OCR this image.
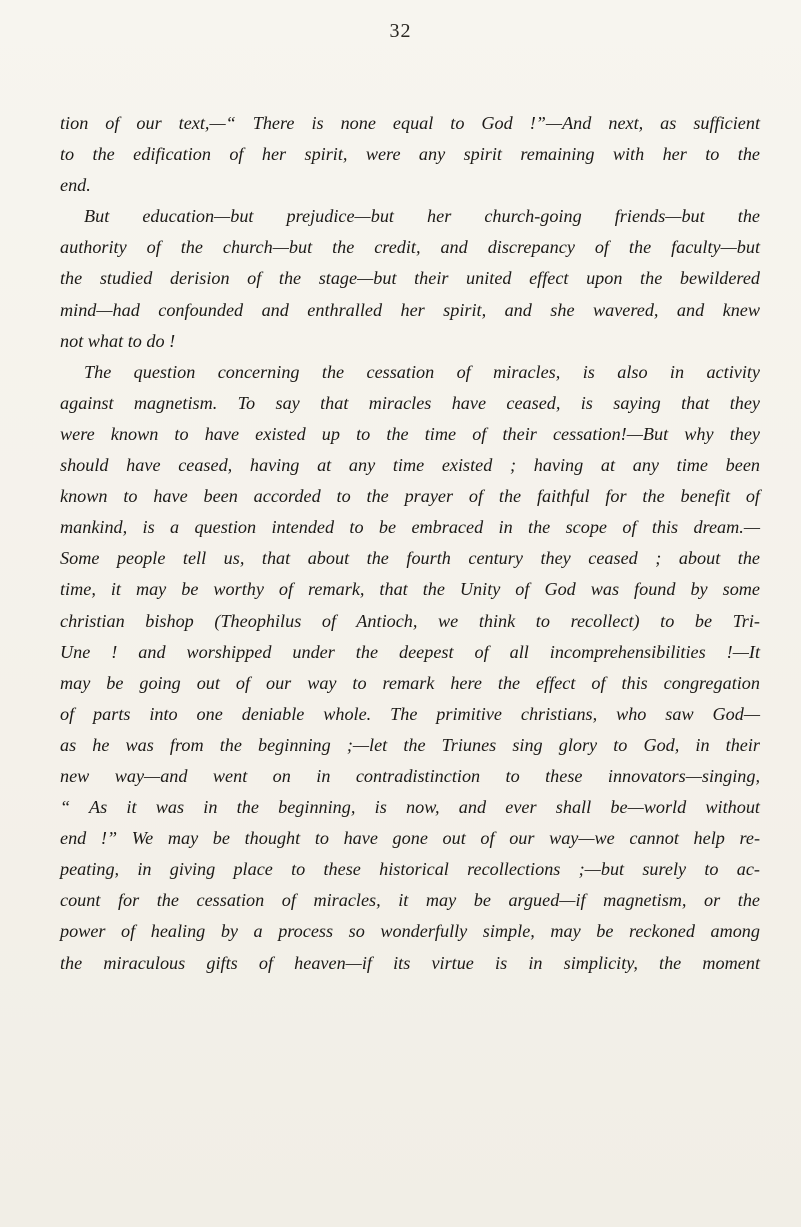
32

tion of our text,—“ There is none equal to God !”—And next, as sufficient
to the edification of her spirit, were any spirit remaining with her to the
end.

But education—but prejudice—but her church-going friends—but the
authority of the church—but the credit, and discrepancy of the faculty—but
the studied derision of the stage—but their united effect upon the bewildered
mind—had confounded and enthralled her spirit, and she wavered, and knew
not what to do !

The question concerning the cessation of miracles, is also in activity
against magnetism. To say that miracles have ceased, is saying that they
were known to have existed up to the time of their cessation!—But why they
should have ceased, having at any time existed ; having at any time been
known to have been accorded to the prayer of the faithful for the benefit of
mankind, is a question intended to be embraced in the scope of this dream.—
Some people tell us, that about the fourth century they ceased ; about the
time, it may be worthy of remark, that the Unity of God was found by some
christian bishop (Theophilus of Antioch, we think to recollect) to be Tri-
Une ! and worshipped under the deepest of all incomprehensibilities !—It
may be going out of our way to remark here the effect of this congregation
of parts into one deniable whole. The primitive christians, who saw God—
as he was from the beginning ;—let the Triunes sing glory to God, in their
new way—and went on in contradistinction to these innovators—singing,
“ As it was in the beginning, is now, and ever shall be—world without
end !” We may be thought to have gone out of our way—we cannot help re-
peating, in giving place to these historical recollections ;—but surely to ac-
count for the cessation of miracles, it may be argued—if magnetism, or the
power of healing by a process so wonderfully simple, may be reckoned among
the miraculous gifts of heaven—if its virtue is in simplicity, the moment
